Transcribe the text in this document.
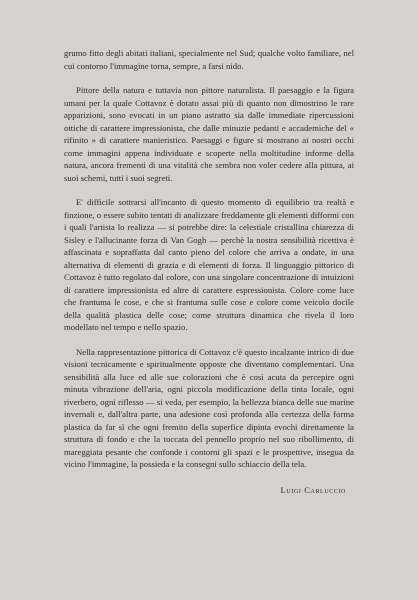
grumo fitto degli abitati italiani, specialmente nel Sud; qualche volto familiare, nel cui contorno l'immagine torna, sempre, a farsi nido.

Pittore della natura e tuttavia non pittore naturalista. Il paesaggio e la figura umani per la quale Cottavoz è dotato assai più di quanto non dimostrino le rare apparizioni, sono evocati in un piano astratto sia dalle immediate ripercussioni ottiche di carattere impressionista, che dalle minuzie pedanti e accademiche del « rifinito » di carattere manieristico. Paesaggi e figure si mostrano ai nostri occhi come immagini appena individuate e scoperte nella moltitudine informe della natura, ancora frementi di una vitalità che sembra non voler cedere alla pittura, ai suoi schemi, tutti i suoi segreti.

E' difficile sottrarsi all'incanto di questo momento di equilibrio tra realtà e finzione, o essere subito tentati di analizzare freddamente gli elementi difformi con i quali l'artista lo realizza — si potrebbe dire: la celestiale cristallina chiarezza di Sisley e l'allucinante forza di Van Gogh — perchè la nostra sensibilità ricettiva è affascinata e sopraffatta dal canto pieno del colore che arriva a ondate, in una alternativa di elementi di grazia e di elementi di forza. Il linguaggio pittorico di Cottavoz è tutto regolato dal colore, con una singolare concentrazione di intuizioni di carattere impressionista ed altre di carattere espressionista. Colore come luce che frantuma le cose, e che si frantuma sulle cose e colore come veicolo docile della qualità plastica delle cose; come struttura dinamica che rivela il loro modellato nel tempo e nello spazio.

Nella rappresentazione pittorica di Cottavoz c'è questo incalzante intrico di due visioni tecnicamente e spiritualmente opposte che diventano complementari. Una sensibilità alla luce ed alle sue colorazioni che è così acuta da percepire ogni minuta vibrazione dell'aria, ogni piccola modificazione della tinta locale, ogni riverbero, ogni riflesso — si veda, per esempio, la bellezza bianca delle sue marine invernali e, dall'altra parte, una adesione così profonda alla certezza della forma plastica da far sì che ogni fremito della superfice dipinta evochi direttamente la struttura di fondo e che la toccata del pennello proprio nel suo ribollimento, di mareggiata pesante che confonde i contorni gli spazi e le prospettive, insegua da vicino l'immagine, la possieda e la consegni sullo schiaccio della tela.

Luigi Carluccio
